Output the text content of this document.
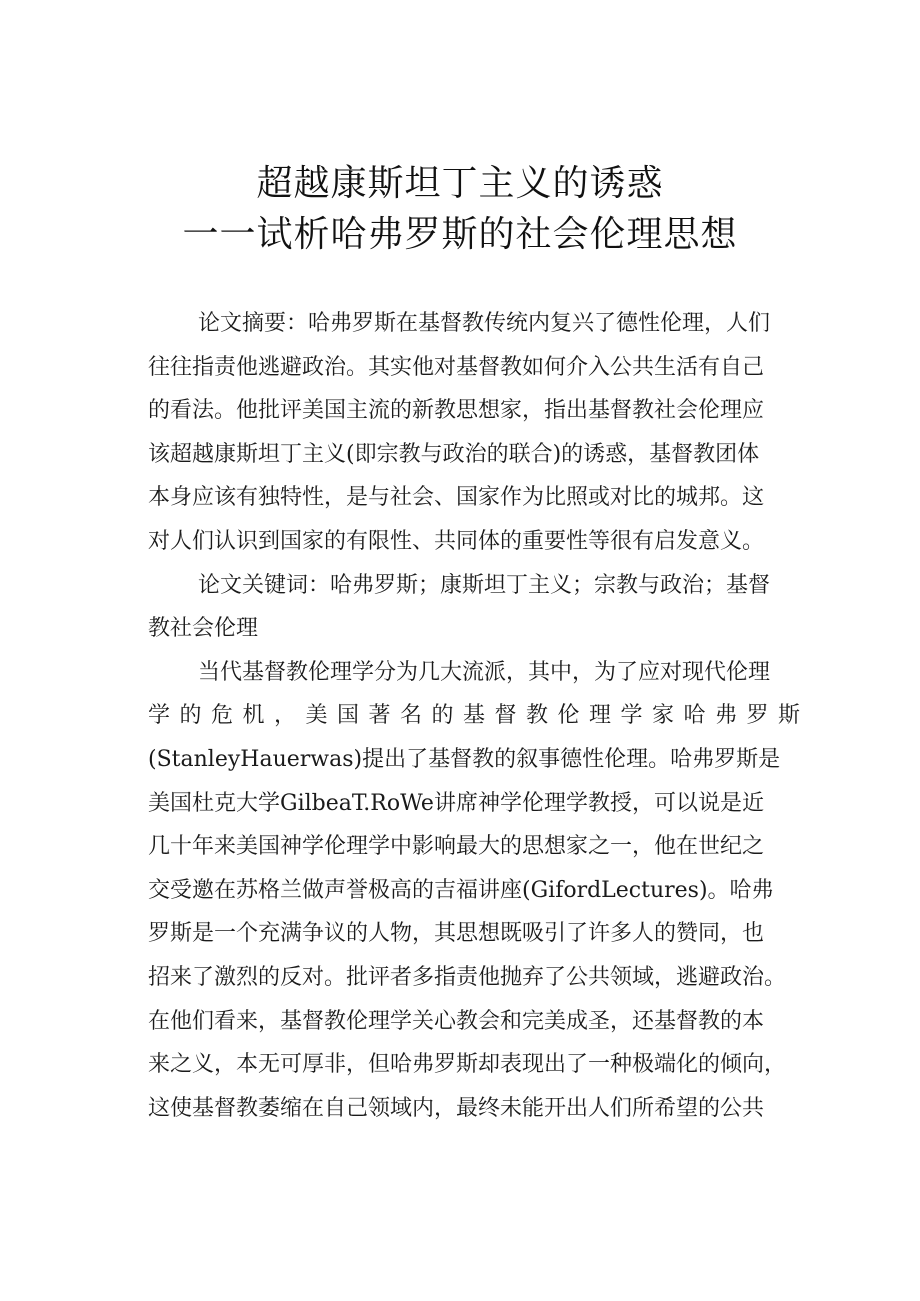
超越康斯坦丁主义的诱惑
一一试析哈弗罗斯的社会伦理思想
论文摘要：哈弗罗斯在基督教传统内复兴了德性伦理，人们
往往指责他逃避政治。其实他对基督教如何介入公共生活有自己
的看法。他批评美国主流的新教思想家，指出基督教社会伦理应
该超越康斯坦丁主义(即宗教与政治的联合)的诱惑，基督教团体
本身应该有独特性，是与社会、国家作为比照或对比的城邦。这
对人们认识到国家的有限性、共同体的重要性等很有启发意义。
论文关键词：哈弗罗斯；康斯坦丁主义；宗教与政治；基督
教社会伦理
当代基督教伦理学分为几大流派，其中，为了应对现代伦理
学的危机，美国著名的基督教伦理学家哈弗罗斯
(StanleyHauerwas)提出了基督教的叙事德性伦理。哈弗罗斯是
美国杜克大学GilbeaT.RoWe讲席神学伦理学教授，可以说是近
几十年来美国神学伦理学中影响最大的思想家之一，他在世纪之
交受邀在苏格兰做声誉极高的吉福讲座(GifordLectures)。哈弗
罗斯是一个充满争议的人物，其思想既吸引了许多人的赞同，也
招来了激烈的反对。批评者多指责他抛弃了公共领域，逃避政治。
在他们看来，基督教伦理学关心教会和完美成圣，还基督教的本
来之义，本无可厚非，但哈弗罗斯却表现出了一种极端化的倾向，
这使基督教萎缩在自己领域内，最终未能开出人们所希望的公共
